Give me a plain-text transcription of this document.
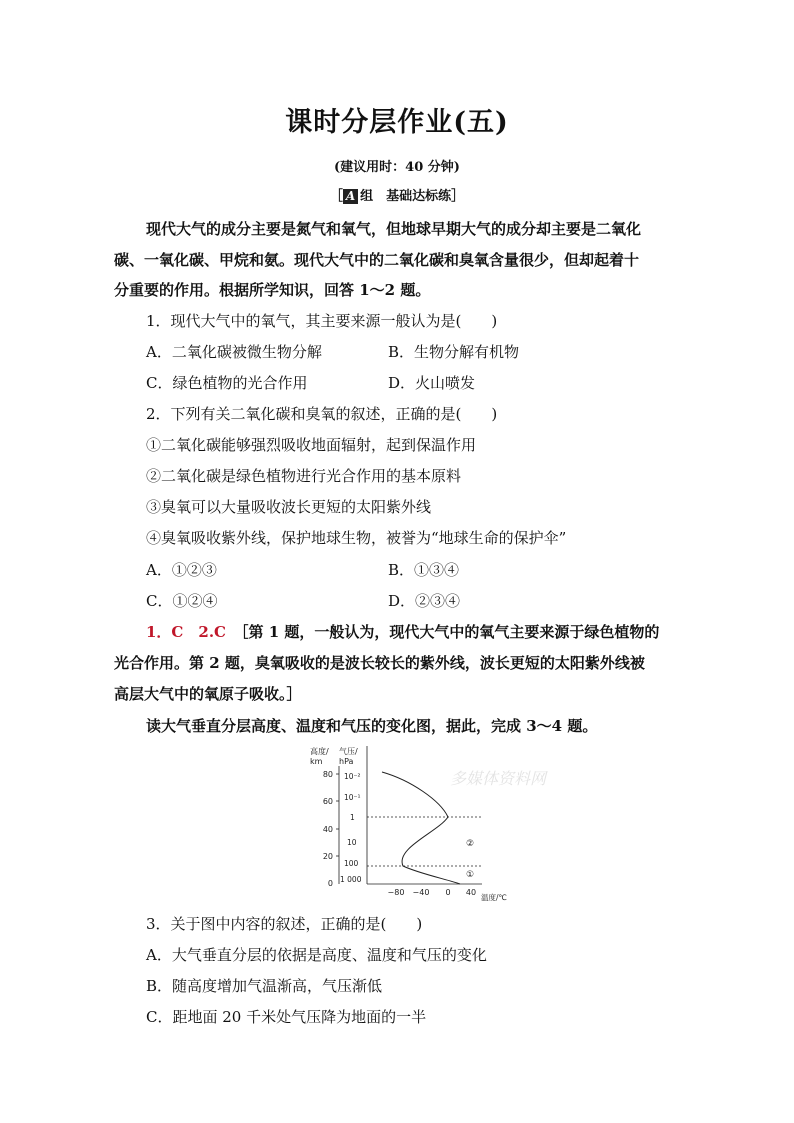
课时分层作业(五)
(建议用时：40 分钟)
［ A 组　基础达标练］
现代大气的成分主要是氮气和氧气，但地球早期大气的成分却主要是二氧化
碳、一氧化碳、甲烷和氨。现代大气中的二氧化碳和臭氧含量很少，但却起着十
分重要的作用。根据所学知识，回答 1～2 题。
1．现代大气中的氧气，其主要来源一般认为是(　　)
A．二氧化碳被微生物分解	B．生物分解有机物
C．绿色植物的光合作用	D．火山喷发
2．下列有关二氧化碳和臭氧的叙述，正确的是(　　)
①二氧化碳能够强烈吸收地面辐射，起到保温作用
②二氧化碳是绿色植物进行光合作用的基本原料
③臭氧可以大量吸收波长更短的太阳紫外线
④臭氧吸收紫外线，保护地球生物，被誉为“地球生命的保护伞”
A．①②③	B．①③④
C．①②④	D．②③④
1．C　2.C　 ［第 1 题，一般认为，现代大气中的氧气主要来源于绿色植物的
光合作用。第 2 题，臭氧吸收的是波长较长的紫外线，波长更短的太阳紫外线被
高层大气中的氧原子吸收。］
读大气垂直分层高度、温度和气压的变化图，据此，完成 3～4 题。
多媒体资料网
高度/
km
气压/
hPa
80
60
40
20
0
10⁻²
10⁻¹
1
10
100
1 000
−80 −40 0 40
温度/℃
②
①
3．关于图中内容的叙述，正确的是(　　)
A．大气垂直分层的依据是高度、温度和气压的变化
B．随高度增加气温渐高，气压渐低
C．距地面 20 千米处气压降为地面的一半
